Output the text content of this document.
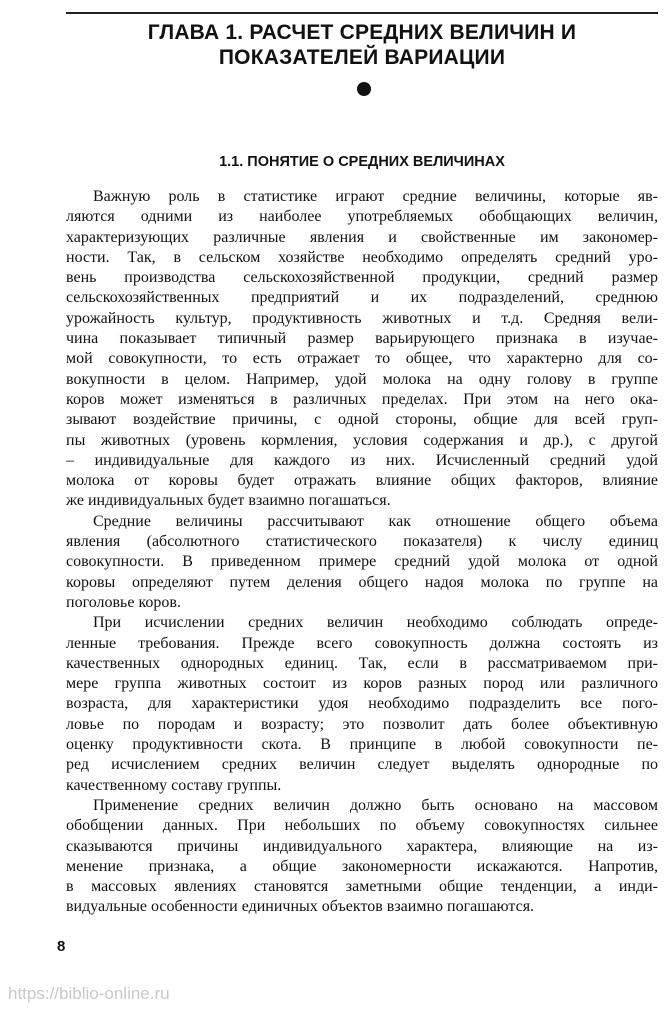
ГЛАВА 1. РАСЧЕТ СРЕДНИХ ВЕЛИЧИН И
ПОКАЗАТЕЛЕЙ ВАРИАЦИИ
1.1. ПОНЯТИЕ О СРЕДНИХ ВЕЛИЧИНАХ
Важную роль в статистике играют средние величины, которые яв-
ляются одними из наиболее употребляемых обобщающих величин,
характеризующих различные явления и свойственные им закономер-
ности. Так, в сельском хозяйстве необходимо определять средний уро-
вень производства сельскохозяйственной продукции, средний размер
сельскохозяйственных предприятий и их подразделений, среднюю
урожайность культур, продуктивность животных и т.д. Средняя вели-
чина показывает типичный размер варьирующего признака в изучае-
мой совокупности, то есть отражает то общее, что характерно для со-
вокупности в целом. Например, удой молока на одну голову в группе
коров может изменяться в различных пределах. При этом на него ока-
зывают воздействие причины, с одной стороны, общие для всей груп-
пы животных (уровень кормления, условия содержания и др.), с другой
– индивидуальные для каждого из них. Исчисленный средний удой
молока от коровы будет отражать влияние общих факторов, влияние
же индивидуальных будет взаимно погашаться.
Средние величины рассчитывают как отношение общего объема
явления (абсолютного статистического показателя) к числу единиц
совокупности. В приведенном примере средний удой молока от одной
коровы определяют путем деления общего надоя молока по группе на
поголовье коров.
При исчислении средних величин необходимо соблюдать опреде-
ленные требования. Прежде всего совокупность должна состоять из
качественных однородных единиц. Так, если в рассматриваемом при-
мере группа животных состоит из коров разных пород или различного
возраста, для характеристики удоя необходимо подразделить все пого-
ловье по породам и возрасту; это позволит дать более объективную
оценку продуктивности скота. В принципе в любой совокупности пе-
ред исчислением средних величин следует выделять однородные по
качественному составу группы.
Применение средних величин должно быть основано на массовом
обобщении данных. При небольших по объему совокупностях сильнее
сказываются причины индивидуального характера, влияющие на из-
менение признака, а общие закономерности искажаются. Напротив,
в массовых явлениях становятся заметными общие тенденции, а инди-
видуальные особенности единичных объектов взаимно погашаются.
8
https://biblio-online.ru
